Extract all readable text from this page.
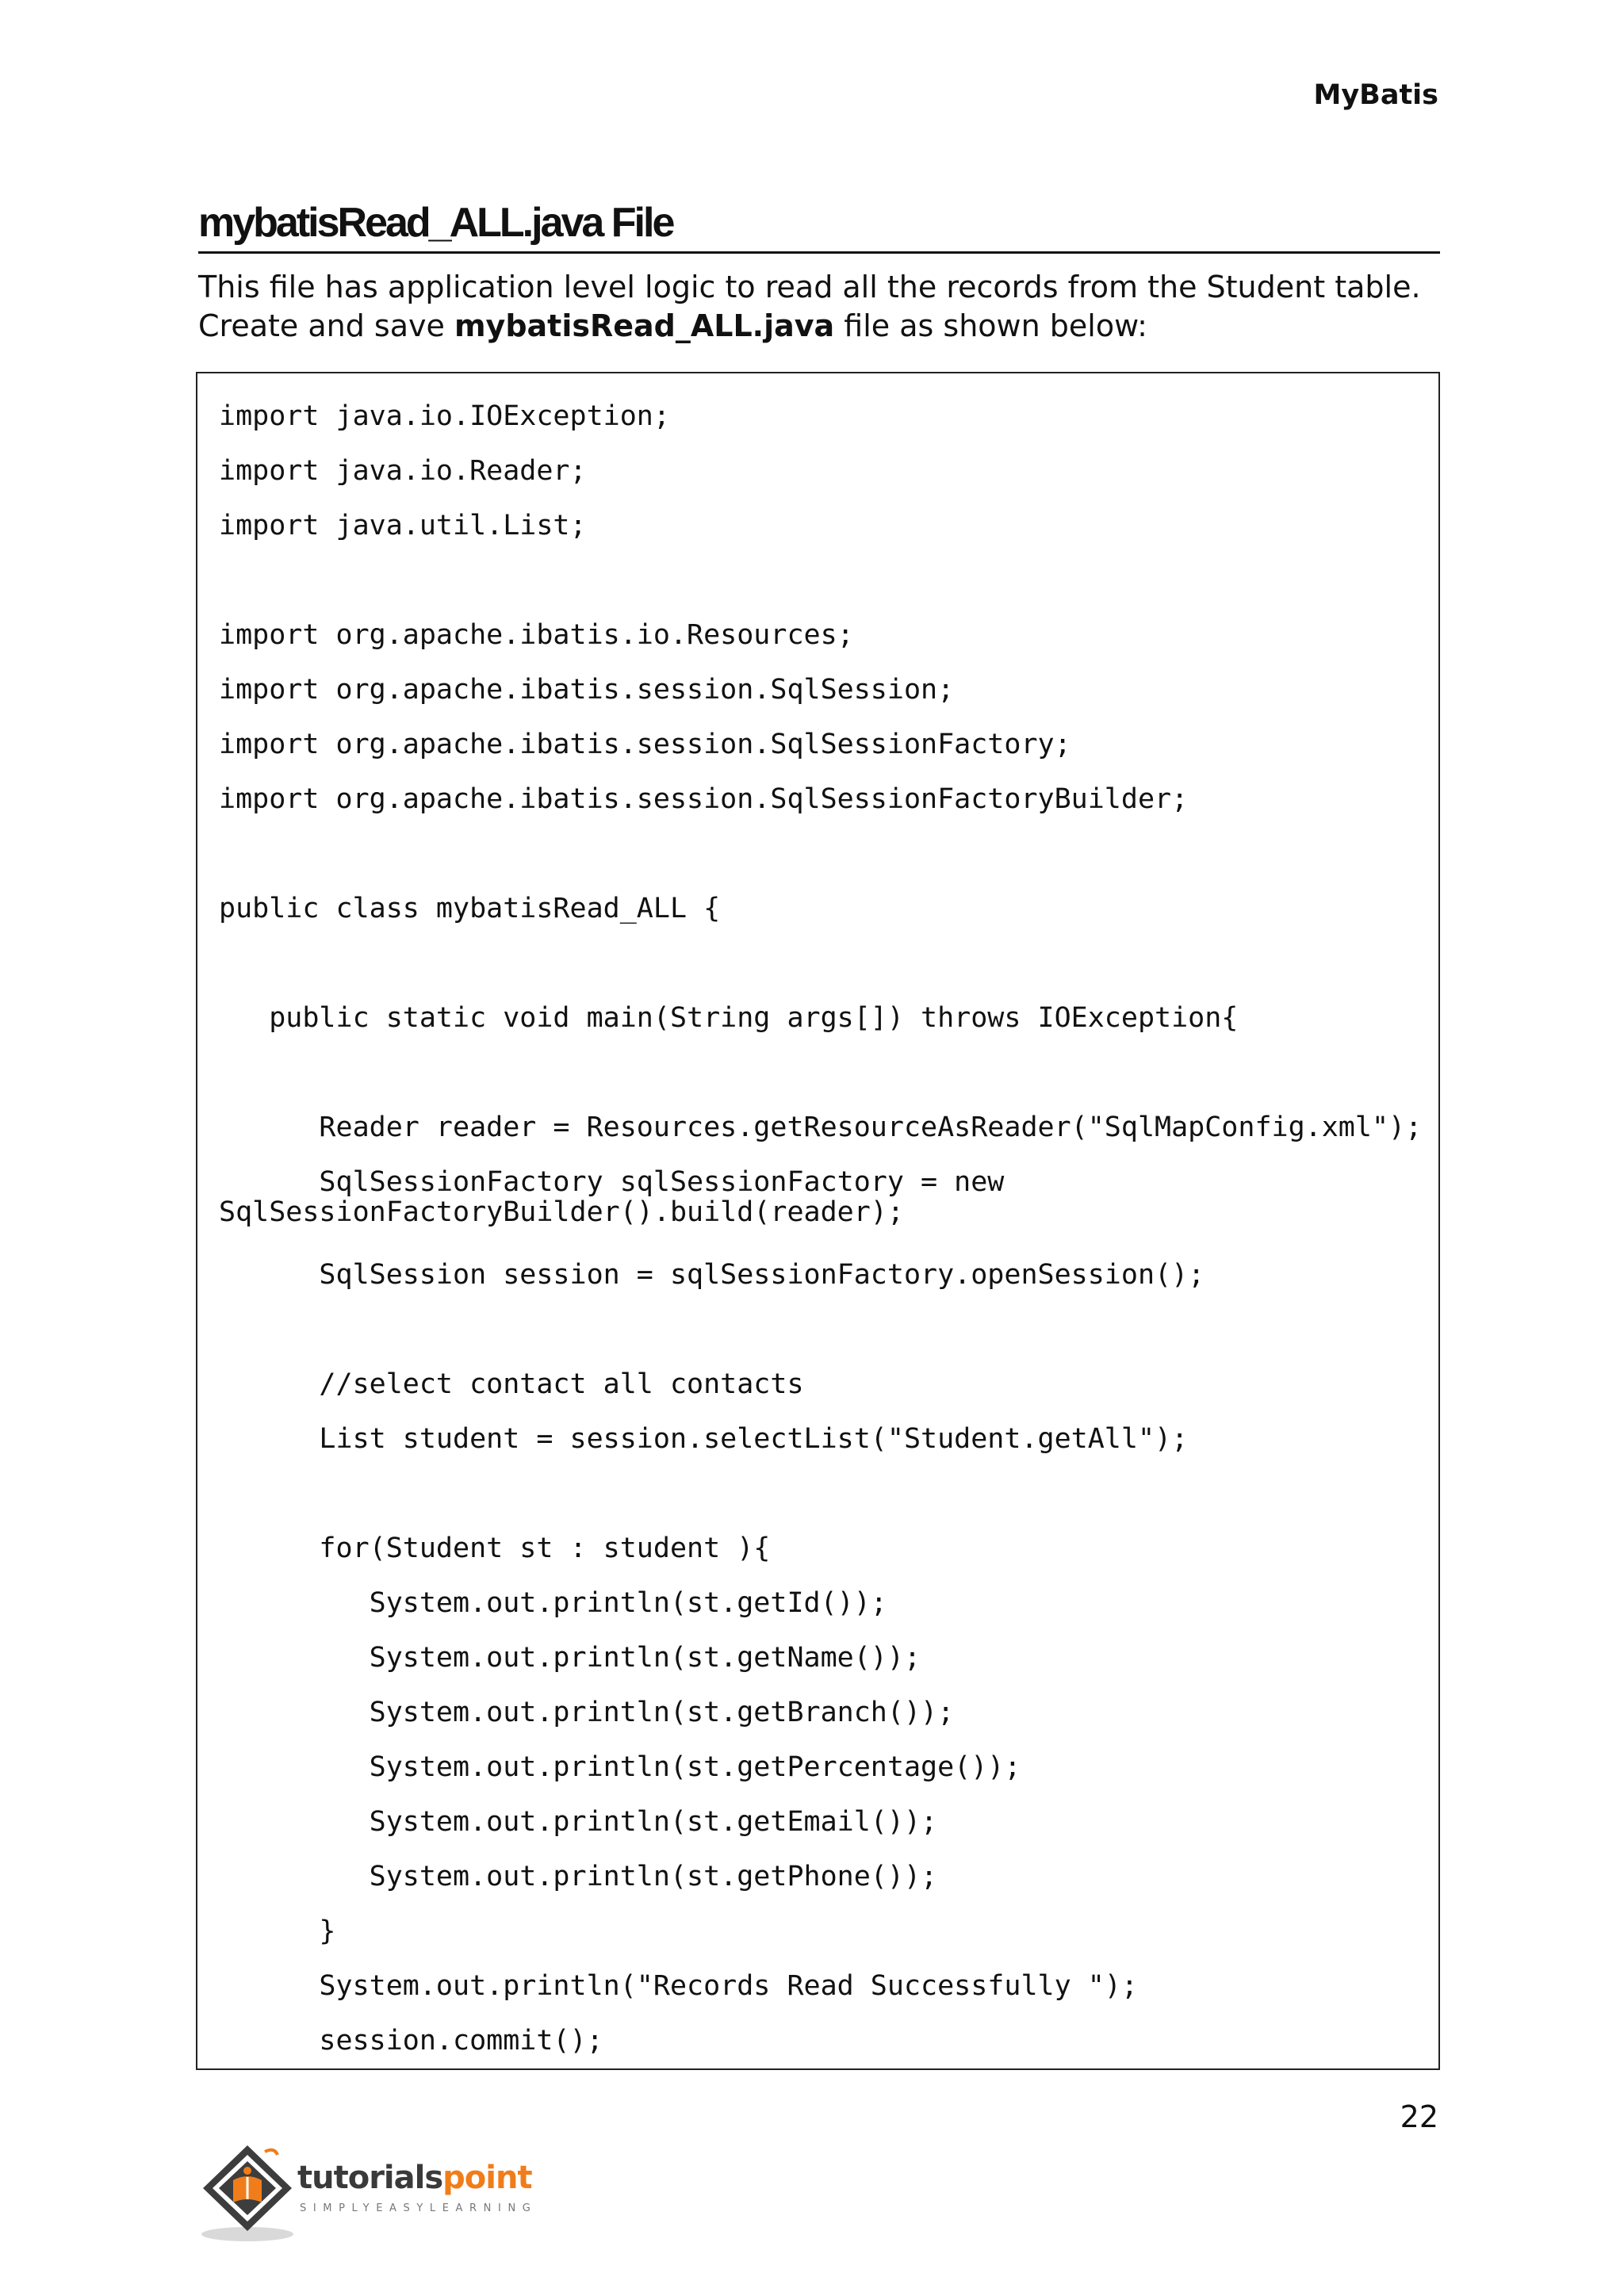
MyBatis
mybatisRead_ALL.java File

This file has application level logic to read all the records from the Student table.

Create and save mybatisRead_ALL.java file as shown below:

import java.io.IOException;
import java.io.Reader;
import java.util.List;
import org.apache.ibatis.io.Resources;
import org.apache.ibatis.session.SqlSession;
import org.apache.ibatis.session.SqlSessionFactory;
import org.apache.ibatis.session.SqlSessionFactoryBuilder;
public class mybatisRead_ALL {
public static void main(String args[]) throws IOException{
Reader reader = Resources.getResourceAsReader("SqlMapConfig.xml");
SqlSessionFactory sqlSessionFactory = new
SqlSessionFactoryBuilder().build(reader);
SqlSession session = sqlSessionFactory.openSession();
//select contact all contacts
List student = session.selectList("Student.getAll");
for(Student st : student ){
System.out.println(st.getId());
System.out.println(st.getName());
System.out.println(st.getBranch());
System.out.println(st.getPercentage());
System.out.println(st.getEmail());
System.out.println(st.getPhone());
}
System.out.println("Records Read Successfully ");
session.commit();
22
tutorialspoint
SIMPLYEASYLEARNING
